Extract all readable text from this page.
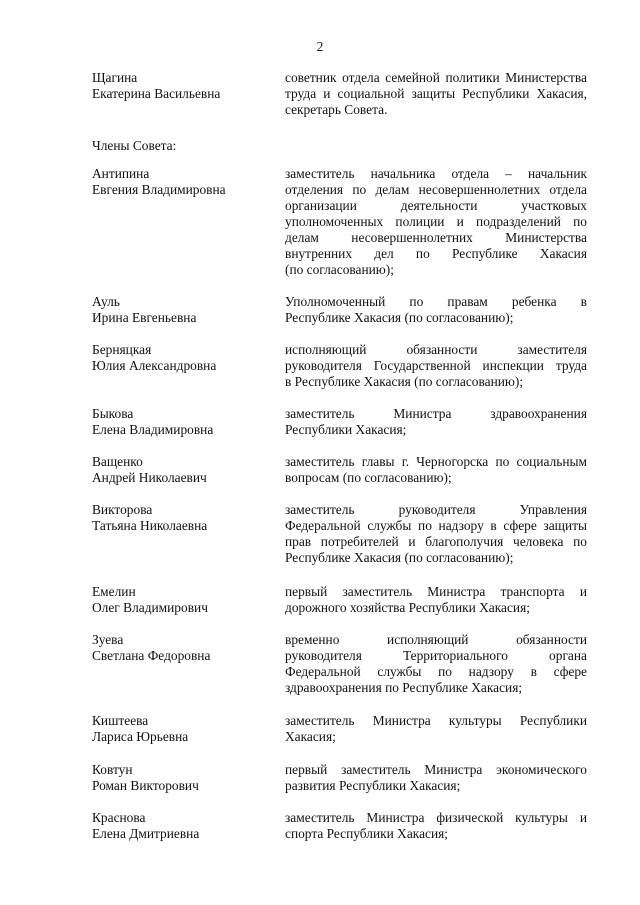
2
Щагина
Екатерина Васильевна
советник отдела семейной политики Министерства
труда и социальной защиты Республики Хакасия,
секретарь Совета.
Члены Совета:
Антипина
Евгения Владимировна
заместитель начальника отдела – начальник
отделения по делам несовершеннолетних отдела
организации деятельности участковых
уполномоченных полиции и подразделений по
делам несовершеннолетних Министерства
внутренних дел по Республике Хакасия
(по согласованию);
Ауль
Ирина Евгеньевна
Уполномоченный по правам ребенка в
Республике Хакасия (по согласованию);
Берняцкая
Юлия Александровна
исполняющий обязанности заместителя
руководителя Государственной инспекции труда
в Республике Хакасия (по согласованию);
Быкова
Елена Владимировна
заместитель Министра здравоохранения
Республики Хакасия;
Ващенко
Андрей Николаевич
заместитель главы г. Черногорска по социальным
вопросам (по согласованию);
Викторова
Татьяна Николаевна
заместитель руководителя Управления
Федеральной службы по надзору в сфере защиты
прав потребителей и благополучия человека по
Республике Хакасия (по согласованию);
Емелин
Олег Владимирович
первый заместитель Министра транспорта и
дорожного хозяйства Республики Хакасия;
Зуева
Светлана Федоровна
временно исполняющий обязанности
руководителя Территориального органа
Федеральной службы по надзору в сфере
здравоохранения по Республике Хакасия;
Киштеева
Лариса Юрьевна
заместитель Министра культуры Республики
Хакасия;
Ковтун
Роман Викторович
первый заместитель Министра экономического
развития Республики Хакасия;
Краснова
Елена Дмитриевна
заместитель Министра физической культуры и
спорта Республики Хакасия;
